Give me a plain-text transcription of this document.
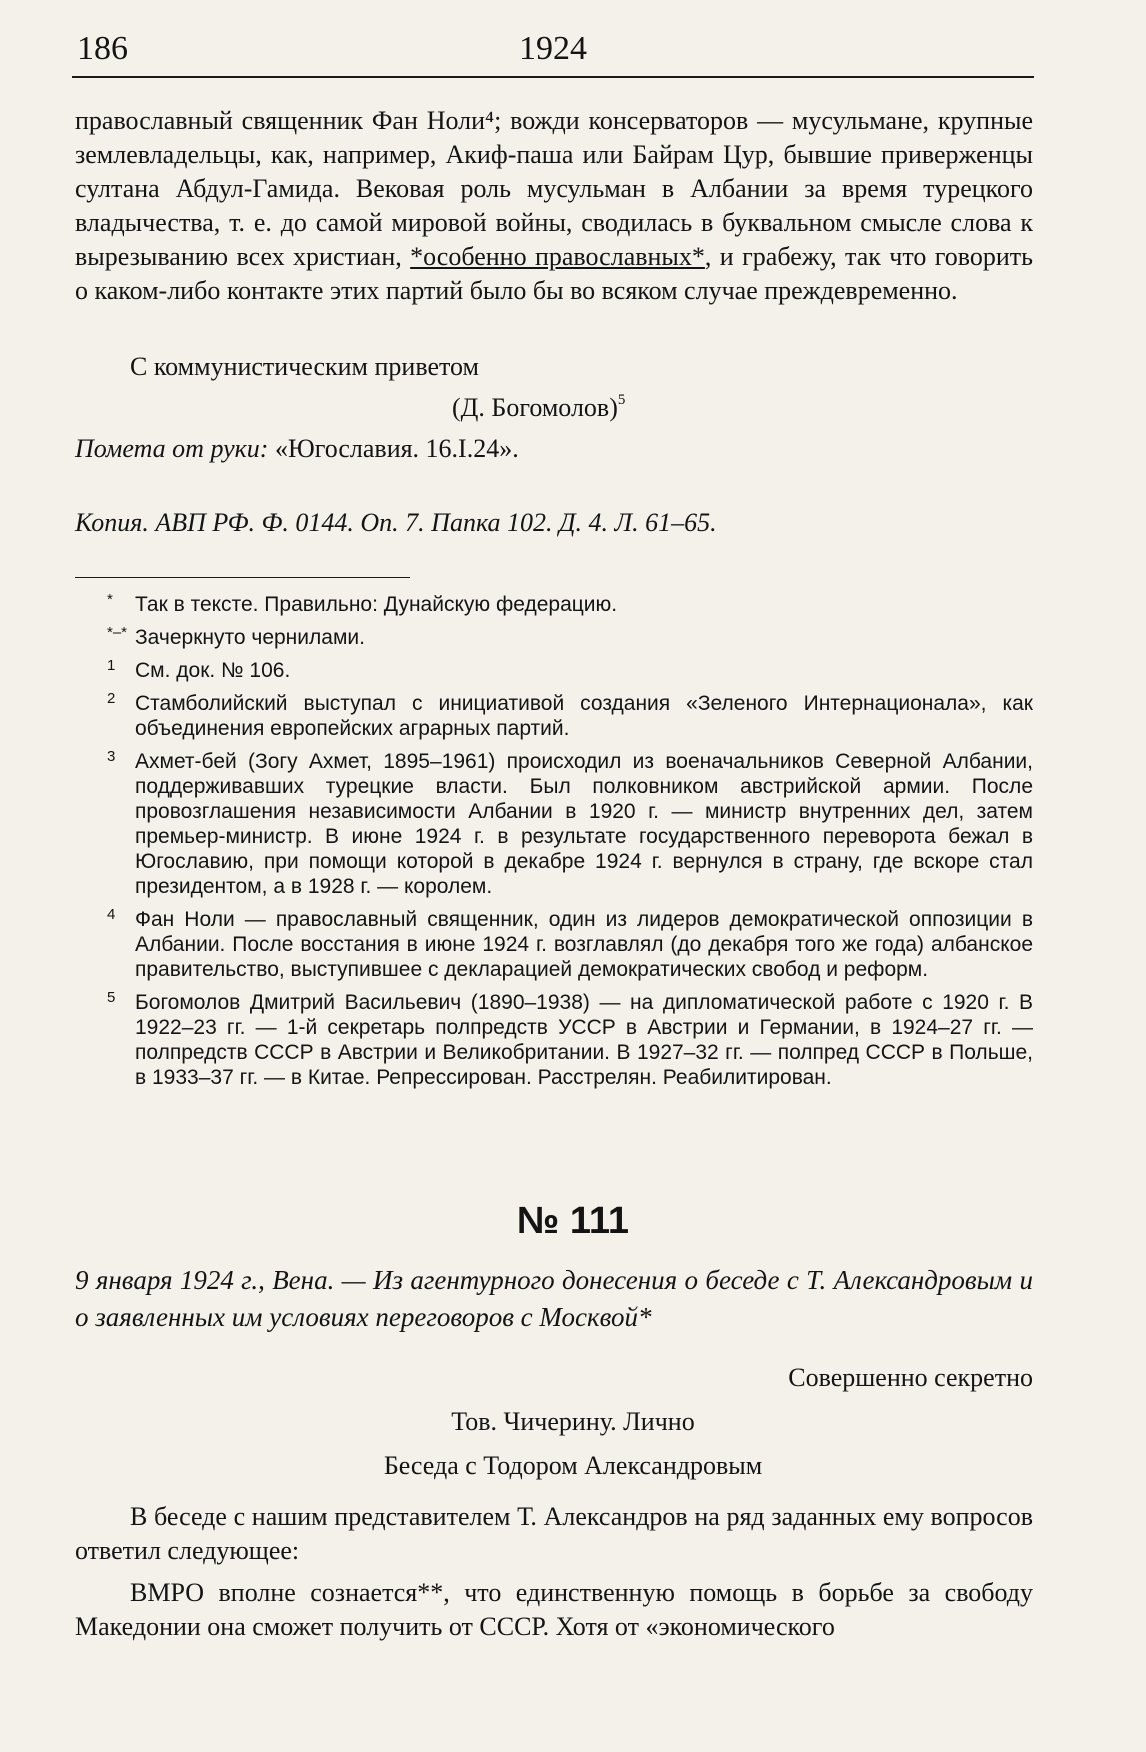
186	1924

православный священник Фан Ноли⁴; вожди консерваторов — мусульмане, крупные землевладельцы, как, например, Акиф-паша или Байрам Цур, бывшие приверженцы султана Абдул-Гамида. Вековая роль мусульман в Албании за время турецкого владычества, т. е. до самой мировой войны, сводилась в буквальном смысле слова к вырезыванию всех христиан, *особенно православных*, и грабежу, так что говорить о каком-либо контакте этих партий было бы во всяком случае преждевременно.

С коммунистическим приветом
(Д. Богомолов)$^5$
Помета от руки: «Югославия. 16.I.24».
Копия. АВП РФ. Ф. 0144. Оп. 7. Папка 102. Д. 4. Л. 61–65.
*	Так в тексте. Правильно: Дунайскую федерацию.
*–* Зачеркнуто чернилами.
1 См. док. № 106.
2 Стамболийский выступал с инициативой создания «Зеленого Интернационала», как объединения европейских аграрных партий.
3 Ахмет-бей (Зогу Ахмет, 1895–1961) происходил из военачальников Северной Албании, поддерживавших турецкие власти. Был полковником австрийской армии. После провозглашения независимости Албании в 1920 г. — министр внутренних дел, затем премьер-министр. В июне 1924 г. в результате государственного переворота бежал в Югославию, при помощи которой в декабре 1924 г. вернулся в страну, где вскоре стал президентом, а в 1928 г. — королем.
4 Фан Ноли — православный священник, один из лидеров демократической оппозиции в Албании. После восстания в июне 1924 г. возглавлял (до декабря того же года) албанское правительство, выступившее с декларацией демократических свобод и реформ.
5 Богомолов Дмитрий Васильевич (1890–1938) — на дипломатической работе с 1920 г. В 1922–23 гг. — 1-й секретарь полпредств УССР в Австрии и Германии, в 1924–27 гг. — полпредств СССР в Австрии и Великобритании. В 1927–32 гг. — полпред СССР в Польше, в 1933–37 гг. — в Китае. Репрессирован. Расстрелян. Реабилитирован.
№ 111
9 января 1924 г., Вена. — Из агентурного донесения о беседе с Т. Александровым и о заявленных им условиях переговоров с Москвой*
Совершенно секретно
Тов. Чичерину. Лично
Беседа с Тодором Александровым

В беседе с нашим представителем Т. Александров на ряд заданных ему вопросов ответил следующее:

ВМРО вполне сознается**, что единственную помощь в борьбе за свободу Македонии она сможет получить от СССР. Хотя от «экономического
